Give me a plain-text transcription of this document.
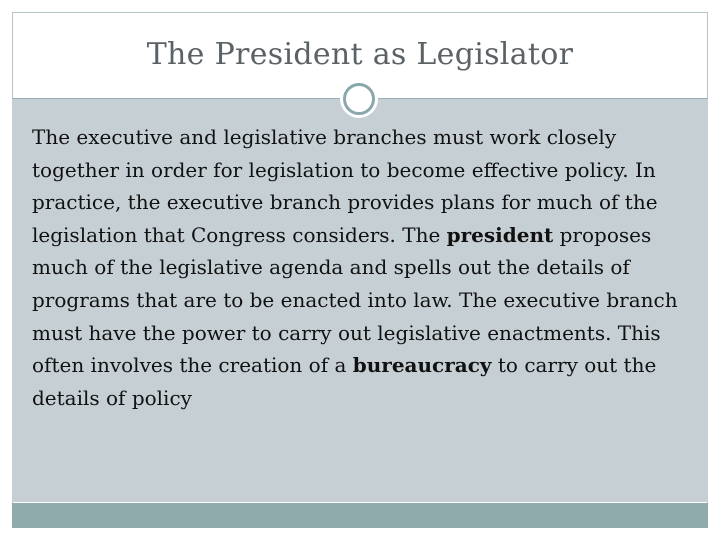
The President as Legislator
The executive and legislative branches must work closely together in order for legislation to become effective policy. In practice, the executive branch provides plans for much of the legislation that Congress considers. The president proposes much of the legislative agenda and spells out the details of programs that are to be enacted into law. The executive branch must have the power to carry out legislative enactments. This often involves the creation of a bureaucracy to carry out the details of policy
